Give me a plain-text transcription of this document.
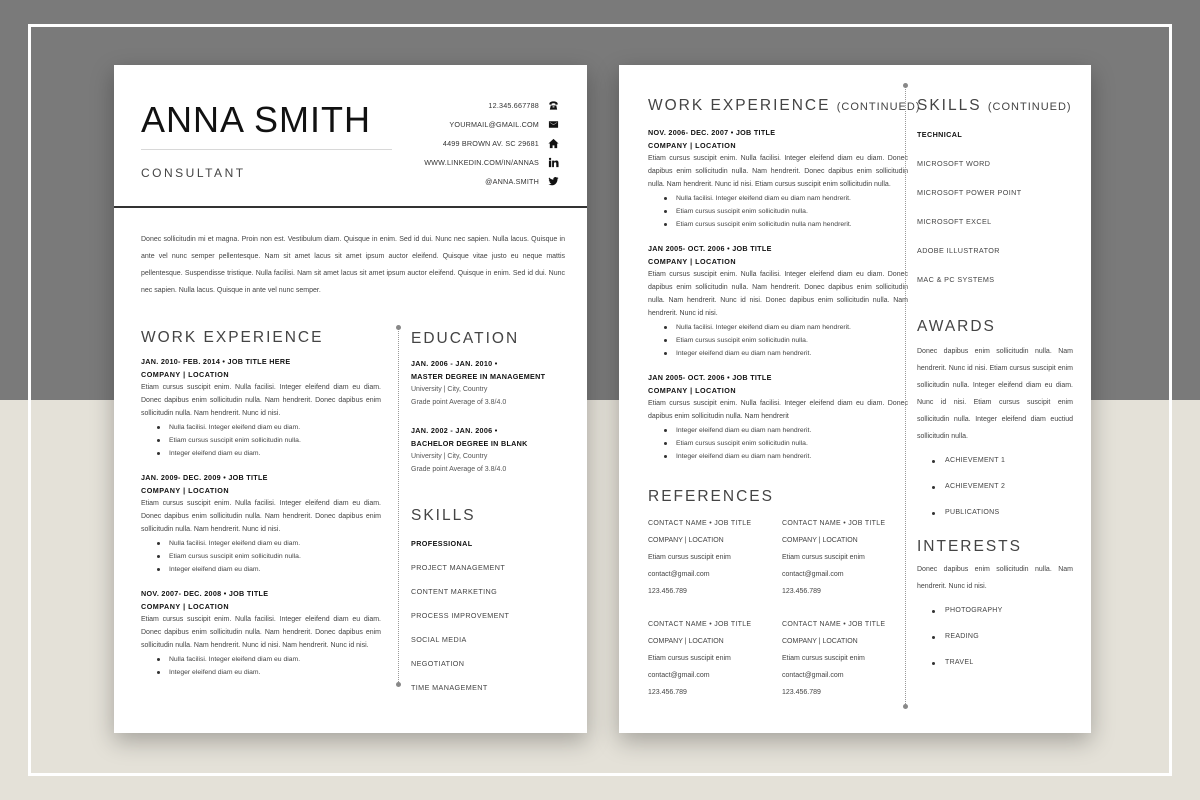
ANNA SMITH
CONSULTANT
12.345.667788
YOURMAIL@GMAIL.COM
4499 BROWN AV. SC 29681
WWW.LINKEDIN.COM/IN/ANNAS
@ANNA.SMITH
Donec sollicitudin mi et magna. Proin non est. Vestibulum diam. Quisque in enim. Sed id dui. Nunc nec sapien. Nulla lacus. Quisque in ante vel nunc semper pellentesque. Nam sit amet lacus sit amet ipsum auctor eleifend. Quisque vitae justo eu neque mattis pellentesque. Suspendisse tristique. Nulla facilisi. Nam sit amet lacus sit amet ipsum auctor eleifend. Quisque in enim. Sed id dui. Nunc nec sapien. Nulla lacus. Quisque in ante vel nunc semper.
WORK EXPERIENCE
JAN. 2010- FEB. 2014 • JOB TITLE HERE
COMPANY | LOCATION
Etiam cursus suscipit enim. Nulla facilisi. Integer eleifend diam eu diam. Donec dapibus enim sollicitudin nulla. Nam hendrerit. Donec dapibus enim sollicitudin nulla. Nam hendrerit. Nunc id nisi.
Nulla facilisi. Integer eleifend diam eu diam.
Etiam cursus suscipit enim sollicitudin nulla.
Integer eleifend diam eu diam.
JAN. 2009- DEC. 2009 • JOB TITLE
COMPANY | LOCATION
Etiam cursus suscipit enim. Nulla facilisi. Integer eleifend diam eu diam. Donec dapibus enim sollicitudin nulla. Nam hendrerit. Donec dapibus enim sollicitudin nulla. Nam hendrerit. Nunc id nisi.
Nulla facilisi. Integer eleifend diam eu diam.
Etiam cursus suscipit enim sollicitudin nulla.
Integer eleifend diam eu diam.
NOV. 2007- DEC. 2008 • JOB TITLE
COMPANY | LOCATION
Etiam cursus suscipit enim. Nulla facilisi. Integer eleifend diam eu diam. Donec dapibus enim sollicitudin nulla. Nam hendrerit. Donec dapibus enim sollicitudin nulla. Nam hendrerit. Nunc id nisi. Nam hendrerit. Nunc id nisi.
Nulla facilisi. Integer eleifend diam eu diam.
Integer eleifend diam eu diam.
EDUCATION
JAN. 2006 - JAN. 2010 •
MASTER DEGREE IN MANAGEMENT
University | City, Country
Grade point Average of 3.8/4.0
JAN. 2002 - JAN. 2006 •
BACHELOR DEGREE IN BLANK
University | City, Country
Grade point Average of 3.8/4.0
SKILLS
PROFESSIONAL
PROJECT MANAGEMENT
CONTENT MARKETING
PROCESS IMPROVEMENT
SOCIAL MEDIA
NEGOTIATION
TIME MANAGEMENT
WORK EXPERIENCE (CONTINUED)
NOV. 2006- DEC. 2007 • JOB TITLE
COMPANY | LOCATION
Etiam cursus suscipit enim. Nulla facilisi. Integer eleifend diam eu diam. Donec dapibus enim sollicitudin nulla. Nam hendrerit. Donec dapibus enim sollicitudin nulla. Nam hendrerit. Nunc id nisi. Etiam cursus suscipit enim sollicitudin nulla.
Nulla facilisi. Integer eleifend diam eu diam nam hendrerit.
Etiam cursus suscipit enim sollicitudin nulla.
Etiam cursus suscipit enim sollicitudin nulla nam hendrerit.
JAN 2005- OCT. 2006 • JOB TITLE
COMPANY | LOCATION
Etiam cursus suscipit enim. Nulla facilisi. Integer eleifend diam eu diam. Donec dapibus enim sollicitudin nulla. Nam hendrerit. Donec dapibus enim sollicitudin nulla. Nam hendrerit. Nunc id nisi. Donec dapibus enim sollicitudin nulla. Nam hendrerit. Nunc id nisi.
Nulla facilisi. Integer eleifend diam eu diam nam hendrerit.
Etiam cursus suscipit enim sollicitudin nulla.
Integer eleifend diam eu diam nam hendrerit.
JAN 2005- OCT. 2006 • JOB TITLE
COMPANY | LOCATION
Etiam cursus suscipit enim. Nulla facilisi. Integer eleifend diam eu diam. Donec dapibus enim sollicitudin nulla. Nam hendrerit
Integer eleifend diam eu diam nam hendrerit.
Etiam cursus suscipit enim sollicitudin nulla.
Integer eleifend diam eu diam nam hendrerit.
REFERENCES
CONTACT NAME • JOB TITLE
COMPANY | LOCATION
Etiam cursus suscipit enim
contact@gmail.com
123.456.789
CONTACT NAME • JOB TITLE
COMPANY | LOCATION
Etiam cursus suscipit enim
contact@gmail.com
123.456.789
CONTACT NAME • JOB TITLE
COMPANY | LOCATION
Etiam cursus suscipit enim
contact@gmail.com
123.456.789
CONTACT NAME • JOB TITLE
COMPANY | LOCATION
Etiam cursus suscipit enim
contact@gmail.com
123.456.789
SKILLS (CONTINUED)
TECHNICAL
MICROSOFT WORD
MICROSOFT POWER POINT
MICROSOFT EXCEL
ADOBE ILLUSTRATOR
MAC & PC SYSTEMS
AWARDS
Donec dapibus enim sollicitudin nulla. Nam hendrerit. Nunc id nisi. Etiam cursus suscipit enim sollicitudin nulla. Integer eleifend diam eu diam. Nunc id nisi. Etiam cursus suscipit enim sollicitudin nulla. Integer eleifend diam euctiud sollicitudin nulla.
ACHIEVEMENT 1
ACHIEVEMENT 2
PUBLICATIONS
INTERESTS
Donec dapibus enim sollicitudin nulla. Nam hendrerit. Nunc id nisi.
PHOTOGRAPHY
READING
TRAVEL
